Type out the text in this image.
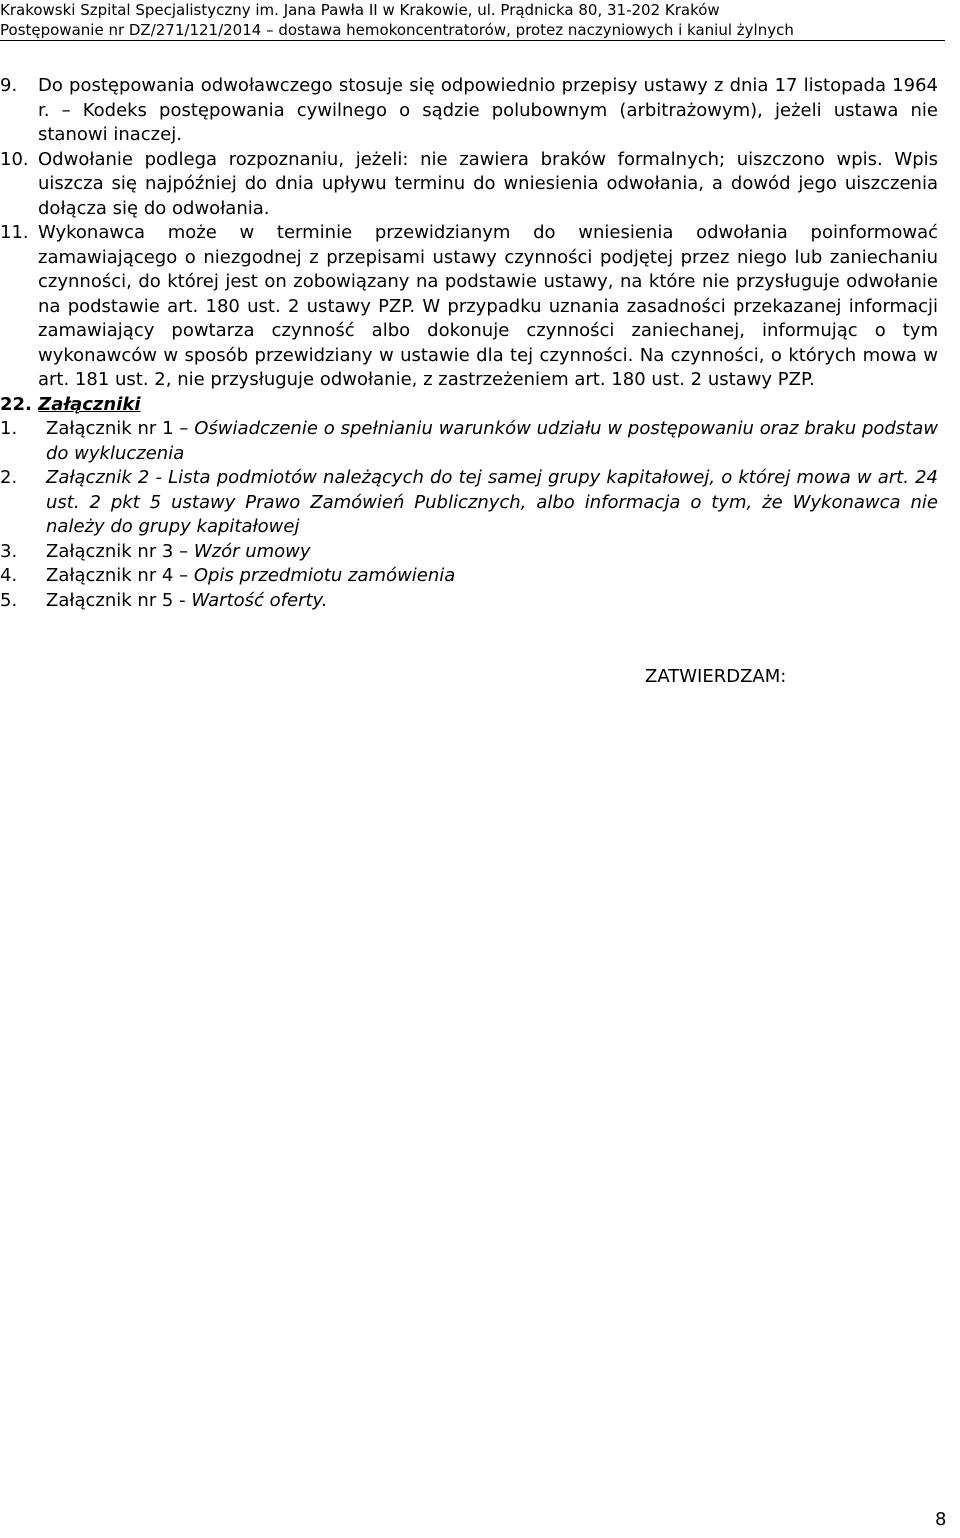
Krakowski Szpital Specjalistyczny im. Jana Pawła II w Krakowie, ul. Prądnicka 80, 31-202 Kraków
Postępowanie nr DZ/271/121/2014 – dostawa hemokoncentratorów, protez naczyniowych i kaniul żylnych
9.	Do postępowania odwoławczego stosuje się odpowiednio przepisy ustawy z dnia 17 listopada 1964 r. – Kodeks postępowania cywilnego o sądzie polubownym (arbitrażowym), jeżeli ustawa nie stanowi inaczej.
10. Odwołanie podlega rozpoznaniu, jeżeli: nie zawiera braków formalnych; uiszczono wpis. Wpis uiszcza się najpóźniej do dnia upływu terminu do wniesienia odwołania, a dowód jego uiszczenia dołącza się do odwołania.
11. Wykonawca może w terminie przewidzianym do wniesienia odwołania poinformować zamawiającego o niezgodnej z przepisami ustawy czynności podjętej przez niego lub zaniechaniu czynności, do której jest on zobowiązany na podstawie ustawy, na które nie przysługuje odwołanie na podstawie art. 180 ust. 2 ustawy PZP. W przypadku uznania zasadności przekazanej informacji zamawiający powtarza czynność albo dokonuje czynności zaniechanej, informując o tym wykonawców w sposób przewidziany w ustawie dla tej czynności. Na czynności, o których mowa w art. 181 ust. 2, nie przysługuje odwołanie, z zastrzeżeniem art. 180 ust. 2 ustawy PZP.
22. Załączniki
1.	Załącznik nr 1 – Oświadczenie o spełnianiu warunków udziału w postępowaniu oraz braku podstaw do wykluczenia
2.	Załącznik 2 - Lista podmiotów należących do tej samej grupy kapitałowej, o której mowa w art. 24 ust. 2 pkt 5 ustawy Prawo Zamówień Publicznych, albo informacja o tym, że Wykonawca nie należy do grupy kapitałowej
3.	Załącznik nr 3 – Wzór umowy
4.	Załącznik nr 4 – Opis przedmiotu zamówienia
5.	Załącznik nr 5 - Wartość oferty.
ZATWIERDZAM:
8
